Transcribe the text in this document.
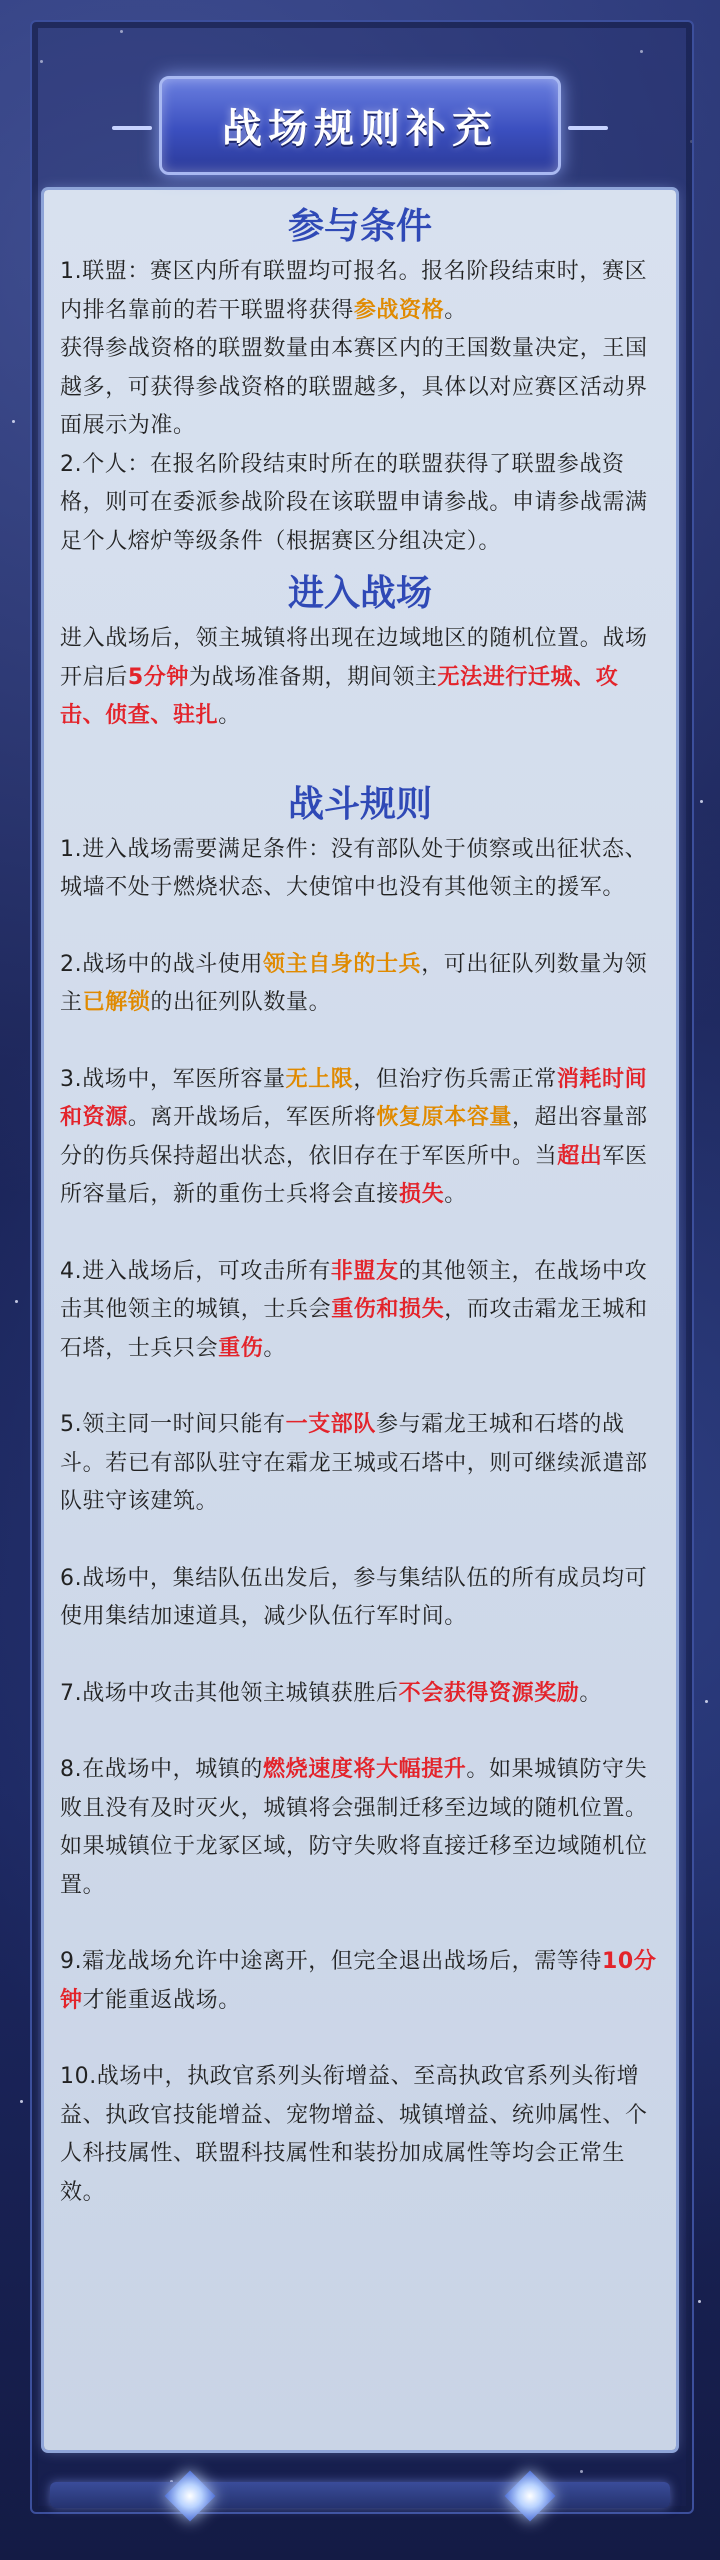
战场规则补充
参与条件

1.联盟：赛区内所有联盟均可报名。报名阶段结束时，赛区内排名靠前的若干联盟将获得参战资格。

获得参战资格的联盟数量由本赛区内的王国数量决定，王国越多，可获得参战资格的联盟越多，具体以对应赛区活动界面展示为准。

2.个人：在报名阶段结束时所在的联盟获得了联盟参战资格，则可在委派参战阶段在该联盟申请参战。申请参战需满足个人熔炉等级条件（根据赛区分组决定）。

进入战场

进入战场后，领主城镇将出现在边域地区的随机位置。战场开启后5分钟为战场准备期，期间领主无法进行迁城、攻击、侦查、驻扎。

战斗规则

1.进入战场需要满足条件：没有部队处于侦察或出征状态、城墙不处于燃烧状态、大使馆中也没有其他领主的援军。

2.战场中的战斗使用领主自身的士兵，可出征队列数量为领主已解锁的出征列队数量。

3.战场中，军医所容量无上限，但治疗伤兵需正常消耗时间和资源。离开战场后，军医所将恢复原本容量，超出容量部分的伤兵保持超出状态，依旧存在于军医所中。当超出军医所容量后，新的重伤士兵将会直接损失。

4.进入战场后，可攻击所有非盟友的其他领主，在战场中攻击其他领主的城镇，士兵会重伤和损失，而攻击霜龙王城和石塔，士兵只会重伤。

5.领主同一时间只能有一支部队参与霜龙王城和石塔的战斗。若已有部队驻守在霜龙王城或石塔中，则可继续派遣部队驻守该建筑。

6.战场中，集结队伍出发后，参与集结队伍的所有成员均可使用集结加速道具，减少队伍行军时间。

7.战场中攻击其他领主城镇获胜后不会获得资源奖励。

8.在战场中，城镇的燃烧速度将大幅提升。如果城镇防守失败且没有及时灭火，城镇将会强制迁移至边域的随机位置。如果城镇位于龙冢区域，防守失败将直接迁移至边域随机位置。

9.霜龙战场允许中途离开，但完全退出战场后，需等待10分钟才能重返战场。

10.战场中，执政官系列头衔增益、至高执政官系列头衔增益、执政官技能增益、宠物增益、城镇增益、统帅属性、个人科技属性、联盟科技属性和装扮加成属性等均会正常生效。
